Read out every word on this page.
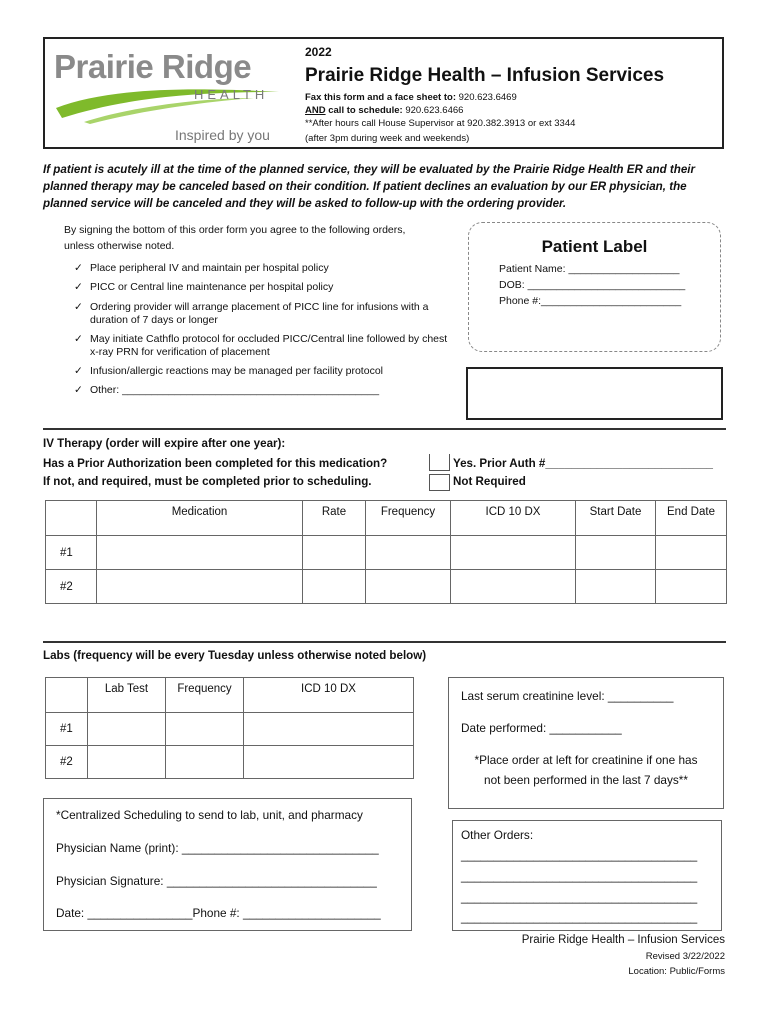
Prairie Ridge
HEALTH
Inspired by you
2022
Prairie Ridge Health – Infusion Services
Fax this form and a face sheet to: 920.623.6469
AND call to schedule: 920.623.6466
**After hours call House Supervisor at 920.382.3913 or ext 3344
(after 3pm during week and weekends)
If patient is acutely ill at the time of the planned service, they will be evaluated by the Prairie Ridge Health ER and their planned therapy may be canceled based on their condition. If patient declines an evaluation by our ER physician, the planned service will be canceled and they will be asked to follow-up with the ordering provider.
By signing the bottom of this order form you agree to the following orders, unless otherwise noted.
✓ Place peripheral IV and maintain per hospital policy
✓ PICC or Central line maintenance per hospital policy
✓ Ordering provider will arrange placement of PICC line for infusions with a duration of 7 days or longer
✓ May initiate Cathflo protocol for occluded PICC/Central line followed by chest x-ray PRN for verification of placement
✓ Infusion/allergic reactions may be managed per facility protocol
✓ Other: ____________________________________________
Patient Label
Patient Name: ___________________
DOB: ___________________________
Phone #:________________________
IV Therapy (order will expire after one year):
Has a Prior Authorization been completed for this medication?
If not, and required, must be completed prior to scheduling.
Yes. Prior Auth #__________________________
Not Required
	Medication	Rate	Frequency	ICD 10 DX	Start Date	End Date
#1						
#2						
Labs (frequency will be every Tuesday unless otherwise noted below)
	Lab Test	Frequency	ICD 10 DX
#1			
#2			
Last serum creatinine level: __________
Date performed: ___________
*Place order at left for creatinine if one has
not been performed in the last 7 days**
*Centralized Scheduling to send to lab, unit, and pharmacy
Physician Name (print): ______________________________
Physician Signature: ________________________________
Date: ________________Phone #: _____________________
Other Orders:
____________________________________
____________________________________
____________________________________
____________________________________
Prairie Ridge Health – Infusion Services
Revised 3/22/2022
Location: Public/Forms
